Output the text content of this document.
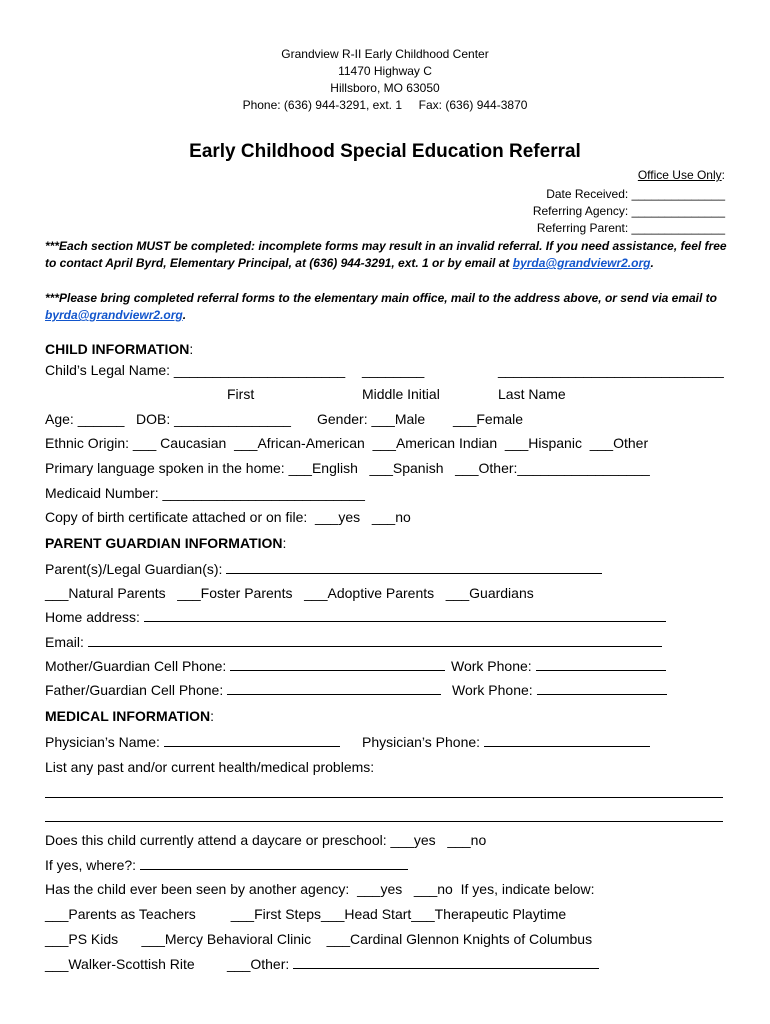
Grandview R-II Early Childhood Center
11470 Highway C
Hillsboro, MO 63050
Phone: (636) 944-3291, ext. 1     Fax: (636) 944-3870
Early Childhood Special Education Referral
Office Use Only:
Date Received: ______________
Referring Agency: ______________
Referring Parent: ______________
***Each section MUST be completed: incomplete forms may result in an invalid referral. If you need assistance, feel free to contact April Byrd, Elementary Principal, at (636) 944-3291, ext. 1 or by email at byrda@grandviewr2.org.
***Please bring completed referral forms to the elementary main office, mail to the address above, or send via email to byrda@grandviewr2.org.
CHILD INFORMATION:
Child’s Legal Name: ______________________ ________	_____________________________
First	Middle Initial	Last Name
Age: ______ DOB: _______________ Gender: ___Male ___Female
Ethnic Origin: ___ Caucasian  ___African-American  ___American Indian  ___Hispanic  ___Other
Primary language spoken in the home: ___English   ___Spanish   ___Other:_________________
Medicaid Number: __________________________
Copy of birth certificate attached or on file:  ___yes   ___no
PARENT GUARDIAN INFORMATION:
Parent(s)/Legal Guardian(s):
___Natural Parents   ___Foster Parents   ___Adoptive Parents   ___Guardians
Home address:
Email:
Mother/Guardian Cell Phone:	Work Phone:
Father/Guardian Cell Phone:	Work Phone:
MEDICAL INFORMATION:
Physician’s Name:	Physician’s Phone:
List any past and/or current health/medical problems:
Does this child currently attend a daycare or preschool: ___yes   ___no
If yes, where?:
Has the child ever been seen by another agency:  ___yes   ___no  If yes, indicate below:
___Parents as Teachers         ___First Steps___Head Start___Therapeutic Playtime
___PS Kids      ___Mercy Behavioral Clinic    ___Cardinal Glennon Knights of Columbus
___Walker-Scottish Rite ___Other:
